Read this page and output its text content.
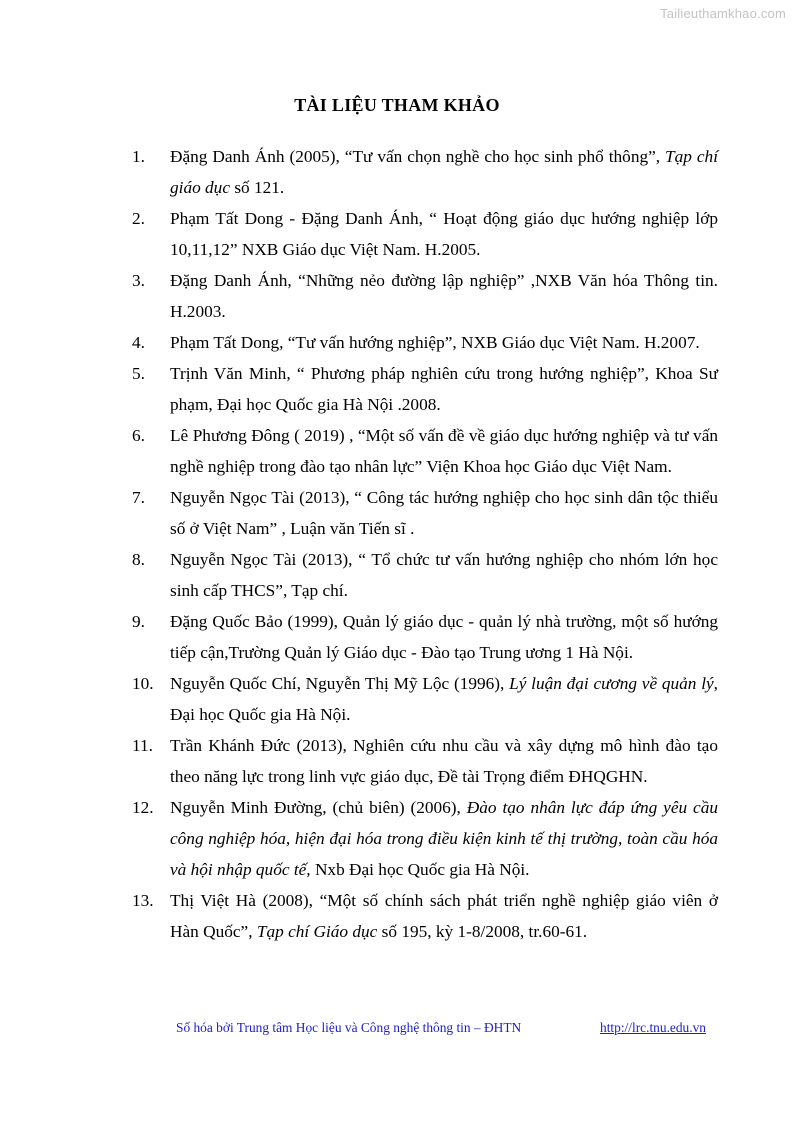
Tailieuthamkhao.com
TÀI LIỆU THAM KHẢO
1.	Đặng Danh Ánh (2005), “Tư vấn chọn nghề cho học sinh phổ thông”, Tạp chí giáo dục số 121.
2.	Phạm Tất Dong - Đặng Danh Ánh, “ Hoạt động giáo dục hướng nghiệp lớp 10,11,12” NXB Giáo dục Việt Nam. H.2005.
3.	Đặng Danh Ánh, “Những nẻo đường lập nghiệp” ,NXB Văn hóa Thông tin. H.2003.
4.	Phạm Tất Dong, “Tư vấn hướng nghiệp”, NXB Giáo dục Việt Nam. H.2007.
5.	Trịnh Văn Minh, “ Phương pháp nghiên cứu trong hướng nghiệp”, Khoa Sư phạm, Đại học Quốc gia Hà Nội .2008.
6.	Lê Phương Đông ( 2019) , “Một số vấn đề về giáo dục hướng nghiệp và tư vấn nghề nghiệp trong đào tạo nhân lực” Viện Khoa học Giáo dục Việt Nam.
7.	Nguyễn Ngọc Tài (2013), “ Công tác hướng nghiệp cho học sinh dân tộc thiểu số ở Việt Nam” , Luận văn Tiến sĩ .
8.	Nguyễn Ngọc Tài (2013), “ Tổ chức tư vấn hướng nghiệp cho nhóm lớn học sinh cấp THCS”, Tạp chí.
9.	Đặng Quốc Bảo (1999), Quản lý giáo dục - quản lý nhà trường, một số hướng tiếp cận,Trường Quản lý Giáo dục - Đào tạo Trung ương 1 Hà Nội.
10. Nguyễn Quốc Chí, Nguyễn Thị Mỹ Lộc (1996), Lý luận đại cương về quản lý, Đại học Quốc gia Hà Nội.
11. Trần Khánh Đức (2013), Nghiên cứu nhu cầu và xây dựng mô hình đào tạo theo năng lực trong linh vực giáo dục, Đề tài Trọng điểm ĐHQGHN.
12. Nguyễn Minh Đường, (chủ biên) (2006), Đào tạo nhân lực đáp ứng yêu cầu công nghiệp hóa, hiện đại hóa trong điều kiện kinh tế thị trường, toàn cầu hóa và hội nhập quốc tế, Nxb Đại học Quốc gia Hà Nội.
13. Thị Việt Hà (2008), “Một số chính sách phát triển nghề nghiệp giáo viên ở Hàn Quốc”, Tạp chí Giáo dục số 195, kỳ 1-8/2008, tr.60-61.
Số hóa bởi Trung tâm Học liệu và Công nghệ thông tin – ĐHTN	http://lrc.tnu.edu.vn
